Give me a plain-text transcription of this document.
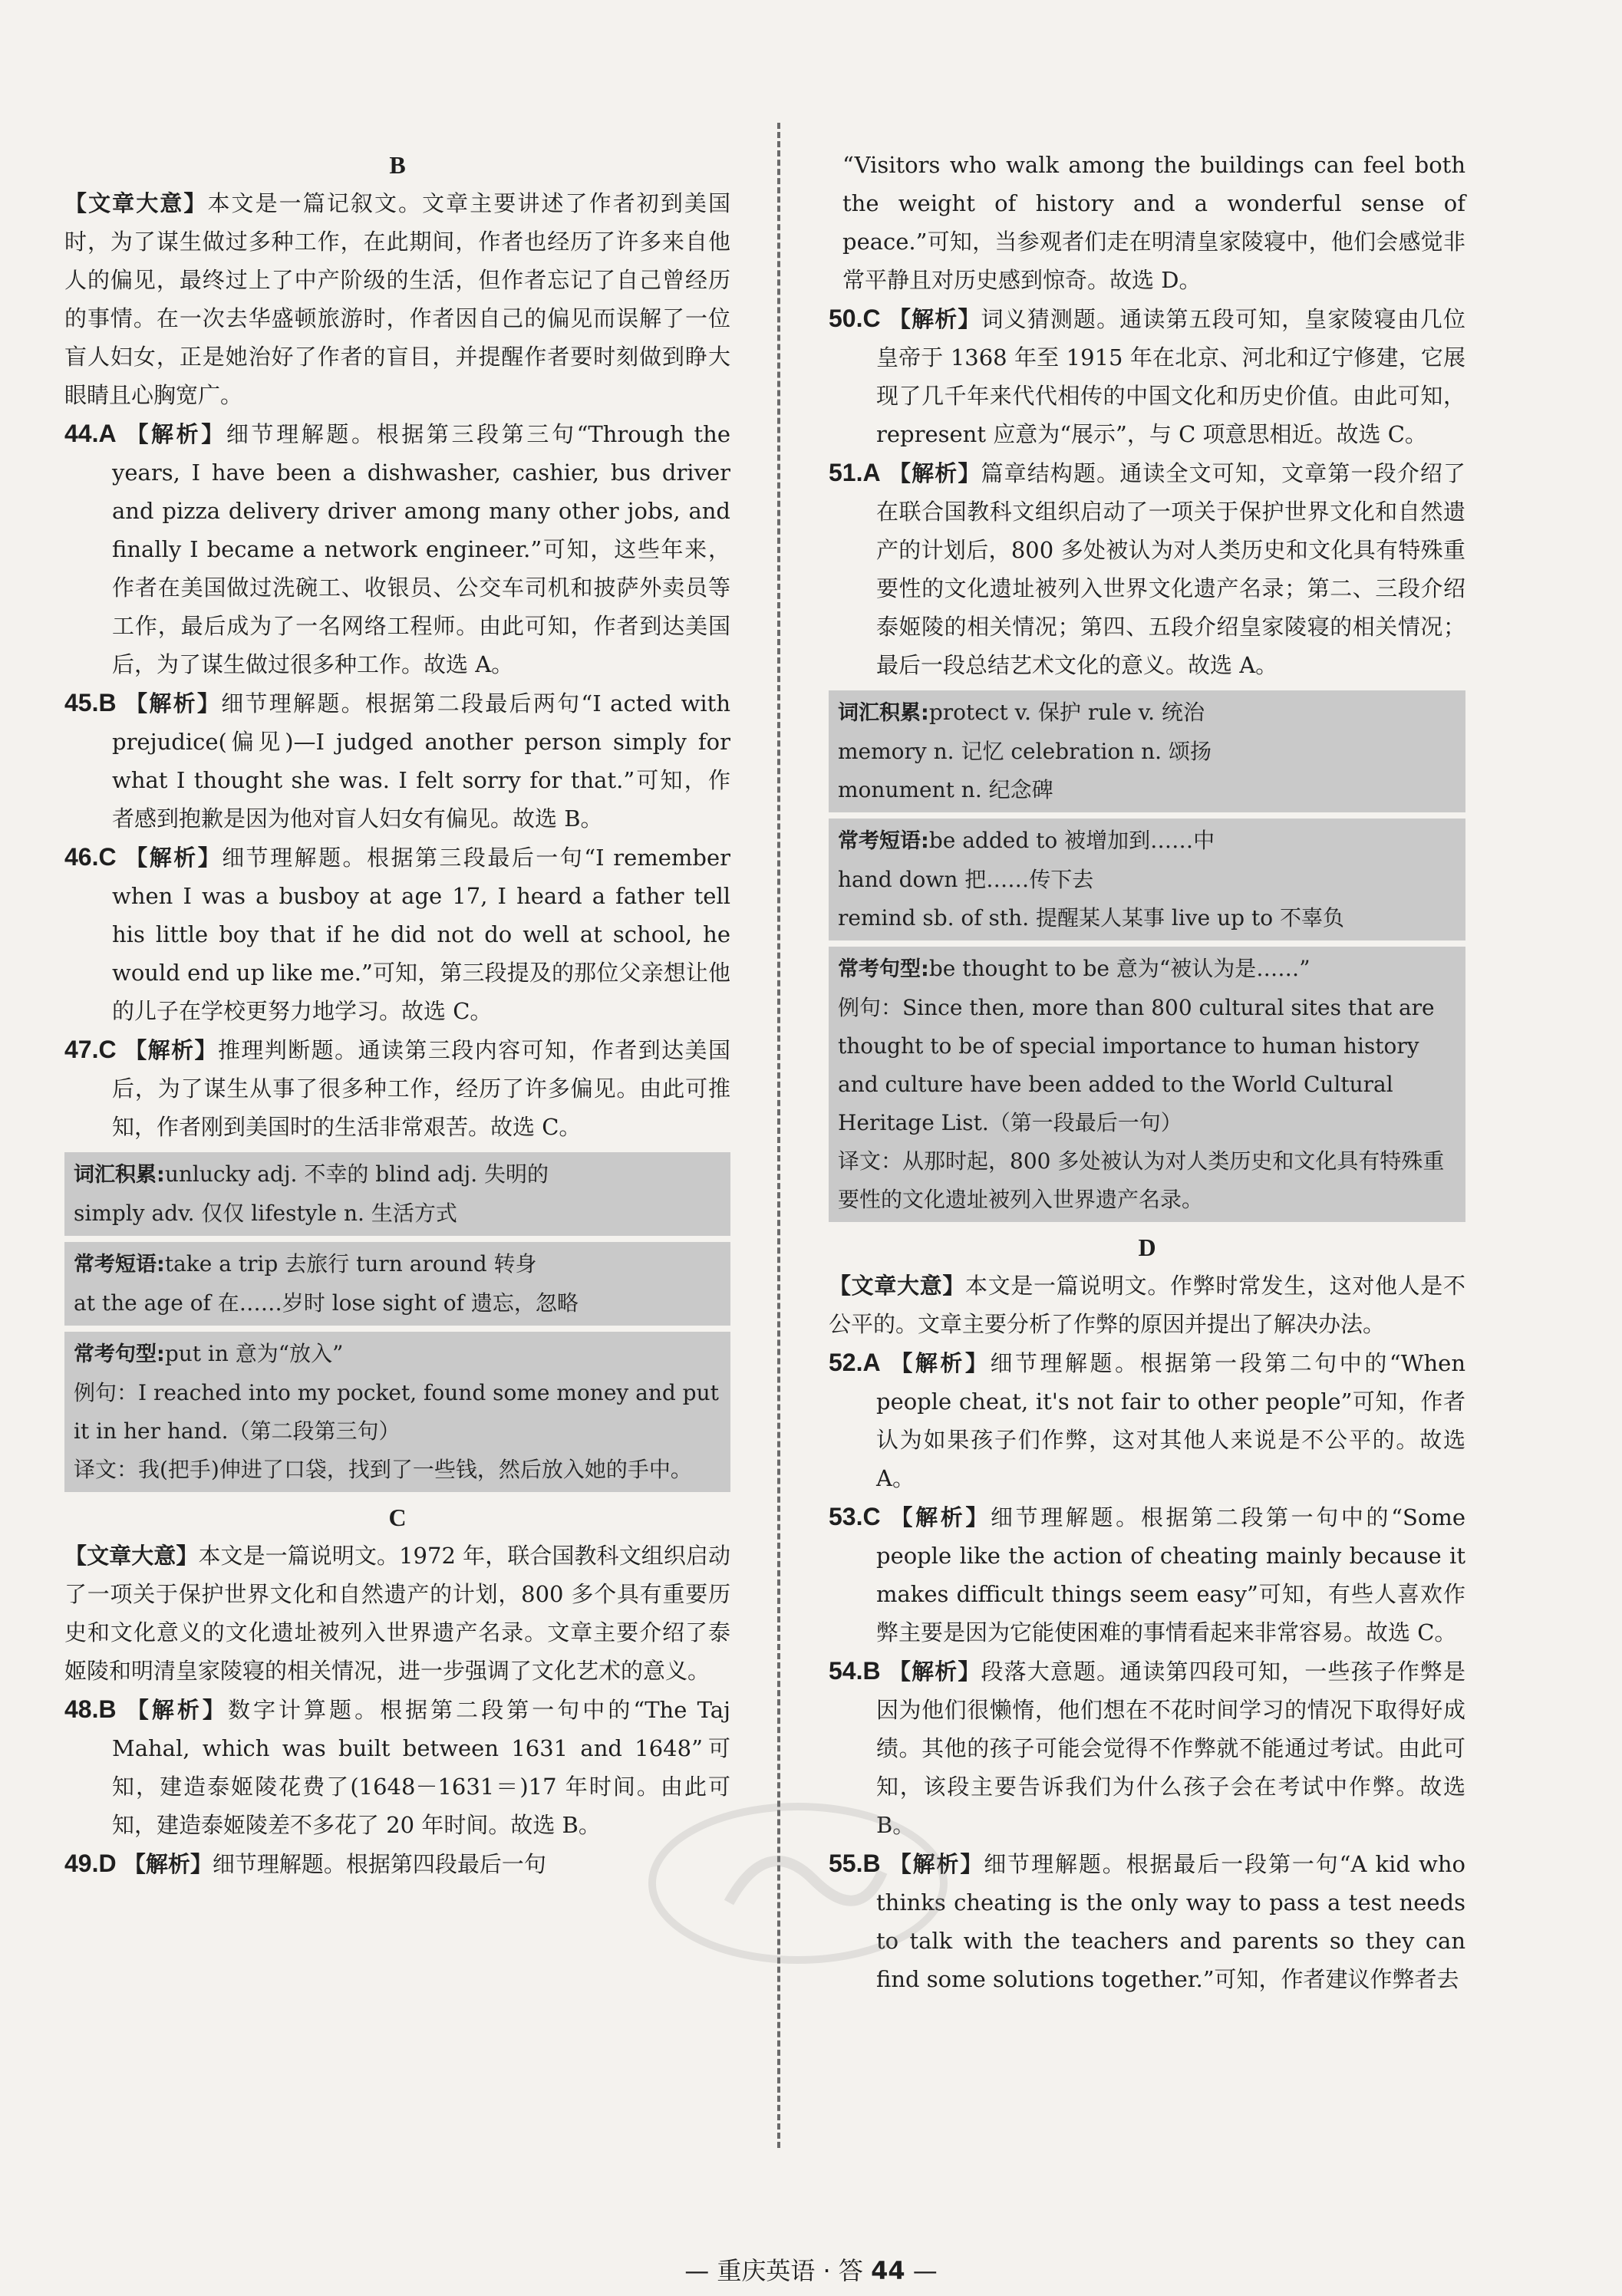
B

【文章大意】本文是一篇记叙文。文章主要讲述了作者初到美国时，为了谋生做过多种工作，在此期间，作者也经历了许多来自他人的偏见，最终过上了中产阶级的生活，但作者忘记了自己曾经历的事情。在一次去华盛顿旅游时，作者因自己的偏见而误解了一位盲人妇女，正是她治好了作者的盲目，并提醒作者要时刻做到睁大眼睛且心胸宽广。

44.A 【解析】细节理解题。根据第三段第三句“Through the years, I have been a dishwasher, cashier, bus driver and pizza delivery driver among many other jobs, and finally I became a network engineer.”可知，这些年来，作者在美国做过洗碗工、收银员、公交车司机和披萨外卖员等工作，最后成为了一名网络工程师。由此可知，作者到达美国后，为了谋生做过很多种工作。故选 A。

45.B 【解析】细节理解题。根据第二段最后两句“I acted with prejudice(偏见)—I judged another person simply for what I thought she was. I felt sorry for that.”可知，作者感到抱歉是因为他对盲人妇女有偏见。故选 B。

46.C 【解析】细节理解题。根据第三段最后一句“I remember when I was a busboy at age 17, I heard a father tell his little boy that if he did not do well at school, he would end up like me.”可知，第三段提及的那位父亲想让他的儿子在学校更努力地学习。故选 C。

47.C 【解析】推理判断题。通读第三段内容可知，作者到达美国后，为了谋生从事了很多种工作，经历了许多偏见。由此可推知，作者刚到美国时的生活非常艰苦。故选 C。

词汇积累:unlucky adj. 不幸的 blind adj. 失明的

simply adv. 仅仅 lifestyle n. 生活方式

常考短语:take a trip 去旅行 turn around 转身

at the age of 在……岁时 lose sight of 遗忘，忽略

常考句型:put in 意为“放入”

例句：I reached into my pocket, found some money and put it in her hand.（第二段第三句）

译文：我(把手)伸进了口袋，找到了一些钱，然后放入她的手中。

C

【文章大意】本文是一篇说明文。1972 年，联合国教科文组织启动了一项关于保护世界文化和自然遗产的计划，800 多个具有重要历史和文化意义的文化遗址被列入世界遗产名录。文章主要介绍了泰姬陵和明清皇家陵寝的相关情况，进一步强调了文化艺术的意义。

48.B 【解析】数字计算题。根据第二段第一句中的“The Taj Mahal, which was built between 1631 and 1648”可知，建造泰姬陵花费了(1648－1631＝)17 年时间。由此可知，建造泰姬陵差不多花了 20 年时间。故选 B。

49.D 【解析】细节理解题。根据第四段最后一句

“Visitors who walk among the buildings can feel both the weight of history and a wonderful sense of peace.”可知，当参观者们走在明清皇家陵寝中，他们会感觉非常平静且对历史感到惊奇。故选 D。

50.C 【解析】词义猜测题。通读第五段可知，皇家陵寝由几位皇帝于 1368 年至 1915 年在北京、河北和辽宁修建，它展现了几千年来代代相传的中国文化和历史价值。由此可知，represent 应意为“展示”，与 C 项意思相近。故选 C。

51.A 【解析】篇章结构题。通读全文可知，文章第一段介绍了在联合国教科文组织启动了一项关于保护世界文化和自然遗产的计划后，800 多处被认为对人类历史和文化具有特殊重要性的文化遗址被列入世界文化遗产名录；第二、三段介绍泰姬陵的相关情况；第四、五段介绍皇家陵寝的相关情况；最后一段总结艺术文化的意义。故选 A。

词汇积累:protect v. 保护 rule v. 统治

memory n. 记忆 celebration n. 颂扬

monument n. 纪念碑

常考短语:be added to 被增加到……中

hand down 把……传下去

remind sb. of sth. 提醒某人某事 live up to 不辜负

常考句型:be thought to be 意为“被认为是……”

例句：Since then, more than 800 cultural sites that are thought to be of special importance to human history and culture have been added to the World Cultural Heritage List.（第一段最后一句）

译文：从那时起，800 多处被认为对人类历史和文化具有特殊重要性的文化遗址被列入世界遗产名录。

D

【文章大意】本文是一篇说明文。作弊时常发生，这对他人是不公平的。文章主要分析了作弊的原因并提出了解决办法。

52.A 【解析】细节理解题。根据第一段第二句中的“When people cheat, it's not fair to other people”可知，作者认为如果孩子们作弊，这对其他人来说是不公平的。故选 A。

53.C 【解析】细节理解题。根据第二段第一句中的“Some people like the action of cheating mainly because it makes difficult things seem easy”可知，有些人喜欢作弊主要是因为它能使困难的事情看起来非常容易。故选 C。

54.B 【解析】段落大意题。通读第四段可知，一些孩子作弊是因为他们很懒惰，他们想在不花时间学习的情况下取得好成绩。其他的孩子可能会觉得不作弊就不能通过考试。由此可知，该段主要告诉我们为什么孩子会在考试中作弊。故选 B。

55.B 【解析】细节理解题。根据最后一段第一句“A kid who thinks cheating is the only way to pass a test needs to talk with the teachers and parents so they can find some solutions together.”可知，作者建议作弊者去

— 重庆英语 · 答 44 —
